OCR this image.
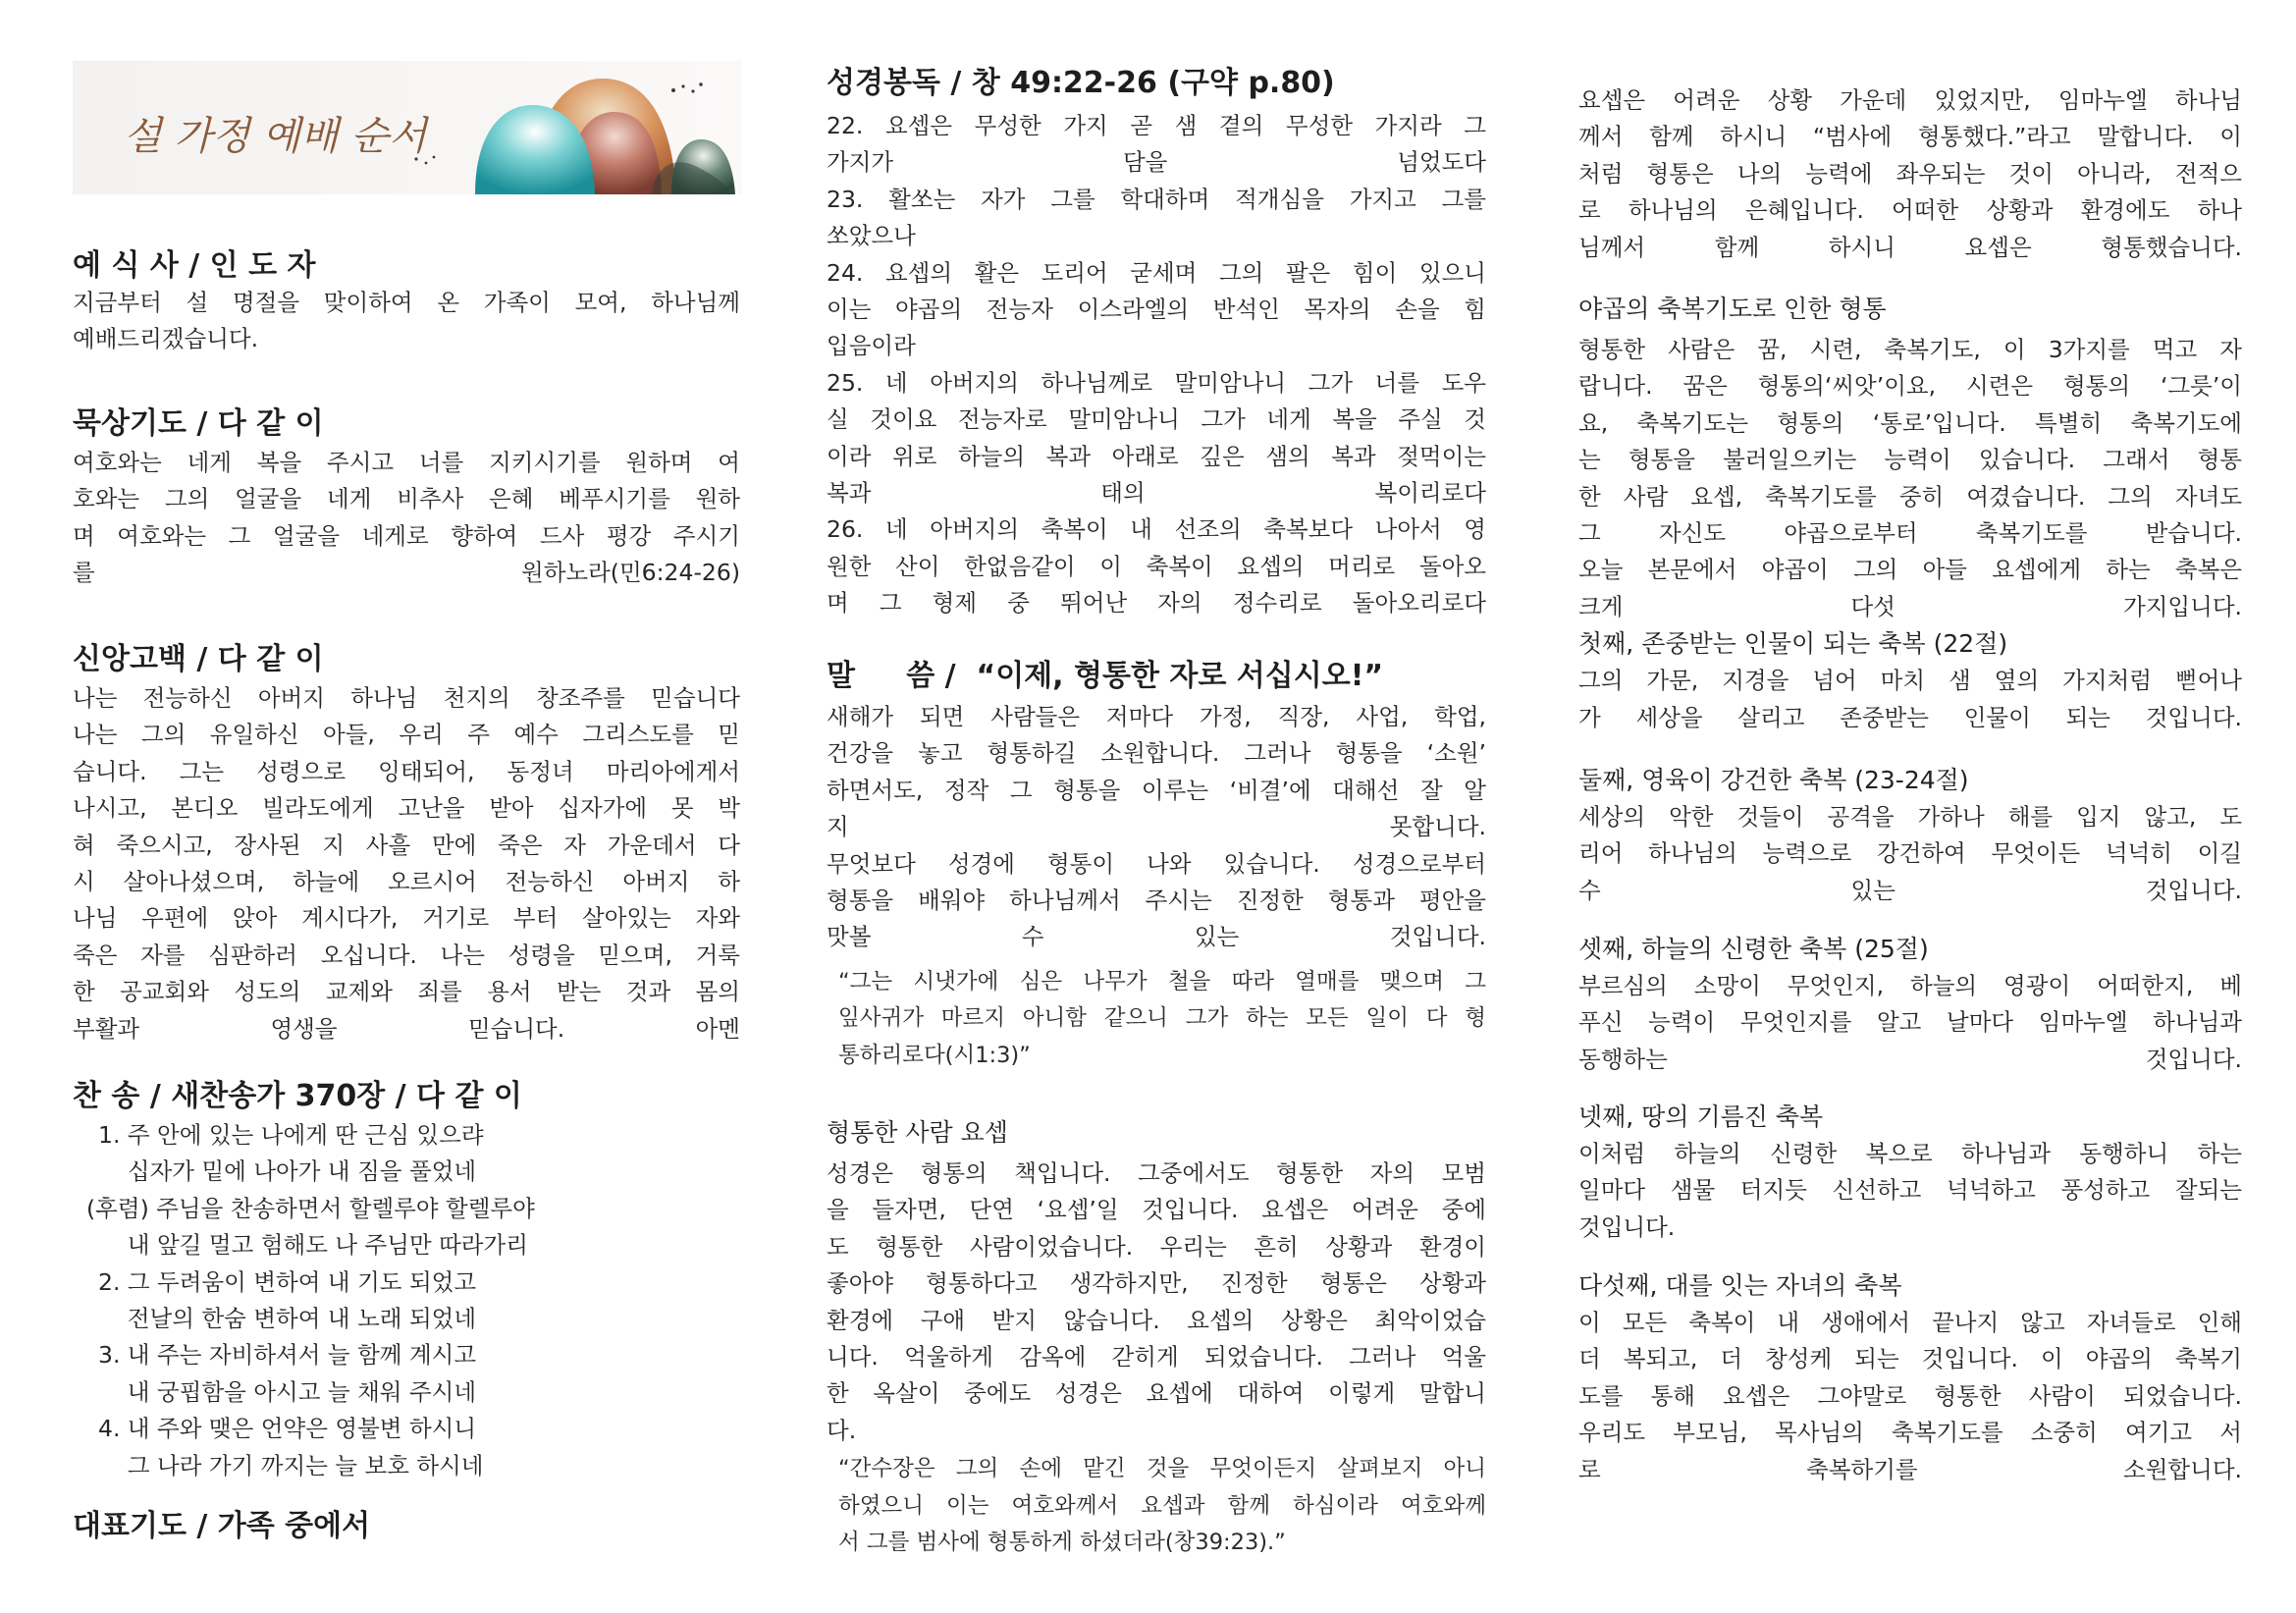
설 가정 예배 순서
예 식 사 / 인 도 자
지금부터 설 명절을 맞이하여 온 가족이 모여, 하나님께
예배드리겠습니다.
묵상기도 / 다 같 이
여호와는 네게 복을 주시고 너를 지키시기를 원하며 여
호와는 그의 얼굴을 네게 비추사 은혜 베푸시기를 원하
며 여호와는 그 얼굴을 네게로 향하여 드사 평강 주시기
를 원하노라(민6:24-26)
신앙고백 / 다 같 이
나는 전능하신 아버지 하나님 천지의 창조주를 믿습니다
나는 그의 유일하신 아들, 우리 주 예수 그리스도를 믿
습니다. 그는 성령으로 잉태되어, 동정녀 마리아에게서
나시고, 본디오 빌라도에게 고난을 받아 십자가에 못 박
혀 죽으시고, 장사된 지 사흘 만에 죽은 자 가운데서 다
시 살아나셨으며, 하늘에 오르시어 전능하신 아버지 하
나님 우편에 앉아 계시다가, 거기로 부터 살아있는 자와
죽은 자를 심판하러 오십니다. 나는 성령을 믿으며, 거룩
한 공교회와 성도의 교제와 죄를 용서 받는 것과 몸의
부활과 영생을 믿습니다. 아멘
찬 송 / 새찬송가 370장 / 다 같 이
1. 주 안에 있는 나에게 딴 근심 있으랴
십자가 밑에 나아가 내 짐을 풀었네
(후렴) 주님을 찬송하면서 할렐루야 할렐루야
내 앞길 멀고 험해도 나 주님만 따라가리
2. 그 두려움이 변하여 내 기도 되었고
전날의 한숨 변하여 내 노래 되었네
3. 내 주는 자비하셔서 늘 함께 계시고
내 궁핍함을 아시고 늘 채워 주시네
4. 내 주와 맺은 언약은 영불변 하시니
그 나라 가기 까지는 늘 보호 하시네
대표기도 / 가족 중에서
성경봉독 / 창 49:22-26 (구약 p.80)
22. 요셉은 무성한 가지 곧 샘 곁의 무성한 가지라 그
가지가 담을 넘었도다
23. 활쏘는 자가 그를 학대하며 적개심을 가지고 그를
쏘았으나
24. 요셉의 활은 도리어 굳세며 그의 팔은 힘이 있으니
이는 야곱의 전능자 이스라엘의 반석인 목자의 손을 힘
입음이라
25. 네 아버지의 하나님께로 말미암나니 그가 너를 도우
실 것이요 전능자로 말미암나니 그가 네게 복을 주실 것
이라 위로 하늘의 복과 아래로 깊은 샘의 복과 젖먹이는
복과 태의 복이리로다
26. 네 아버지의 축복이 내 선조의 축복보다 나아서 영
원한 산이 한없음같이 이 축복이 요셉의 머리로 돌아오
며 그 형제 중 뛰어난 자의 정수리로 돌아오리로다
말     씀 /  “이제, 형통한 자로 서십시오!”
새해가 되면 사람들은 저마다 가정, 직장, 사업, 학업,
건강을 놓고 형통하길 소원합니다. 그러나 형통을 ‘소원’
하면서도, 정작 그 형통을 이루는 ‘비결’에 대해선 잘 알
지 못합니다.
무엇보다 성경에 형통이 나와 있습니다. 성경으로부터
형통을 배워야 하나님께서 주시는 진정한 형통과 평안을
맛볼 수 있는 것입니다.
“그는 시냇가에 심은 나무가 철을 따라 열매를 맺으며 그
잎사귀가 마르지 아니함 같으니 그가 하는 모든 일이 다 형
통하리로다(시1:3)”
형통한 사람 요셉
성경은 형통의 책입니다. 그중에서도 형통한 자의 모범
을 들자면, 단연 ‘요셉’일 것입니다. 요셉은 어려운 중에
도 형통한 사람이었습니다. 우리는 흔히 상황과 환경이
좋아야 형통하다고 생각하지만, 진정한 형통은 상황과
환경에 구애 받지 않습니다. 요셉의 상황은 최악이었습
니다. 억울하게 감옥에 갇히게 되었습니다. 그러나 억울
한 옥살이 중에도 성경은 요셉에 대하여 이렇게 말합니
다.
“간수장은 그의 손에 맡긴 것을 무엇이든지 살펴보지 아니
하였으니 이는 여호와께서 요셉과 함께 하심이라 여호와께
서 그를 범사에 형통하게 하셨더라(창39:23).”
요셉은 어려운 상황 가운데 있었지만, 임마누엘 하나님
께서 함께 하시니 “범사에 형통했다.”라고 말합니다. 이
처럼 형통은 나의 능력에 좌우되는 것이 아니라, 전적으
로 하나님의 은혜입니다. 어떠한 상황과 환경에도 하나
님께서 함께 하시니 요셉은 형통했습니다.
야곱의 축복기도로 인한 형통
형통한 사람은 꿈, 시련, 축복기도, 이 3가지를 먹고 자
랍니다. 꿈은 형통의‘씨앗’이요, 시련은 형통의 ‘그릇’이
요, 축복기도는 형통의 ‘통로’입니다. 특별히 축복기도에
는 형통을 불러일으키는 능력이 있습니다. 그래서 형통
한 사람 요셉, 축복기도를 중히 여겼습니다. 그의 자녀도
그 자신도 야곱으로부터 축복기도를 받습니다.
오늘 본문에서 야곱이 그의 아들 요셉에게 하는 축복은
크게 다섯 가지입니다.
첫째, 존중받는 인물이 되는 축복 (22절)
그의 가문, 지경을 넘어 마치 샘 옆의 가지처럼 뻗어나
가 세상을 살리고 존중받는 인물이 되는 것입니다.
둘째, 영육이 강건한 축복 (23-24절)
세상의 악한 것들이 공격을 가하나 해를 입지 않고, 도
리어 하나님의 능력으로 강건하여 무엇이든 넉넉히 이길
수 있는 것입니다.
셋째, 하늘의 신령한 축복 (25절)
부르심의 소망이 무엇인지, 하늘의 영광이 어떠한지, 베
푸신 능력이 무엇인지를 알고 날마다 임마누엘 하나님과
동행하는 것입니다.
넷째, 땅의 기름진 축복
이처럼 하늘의 신령한 복으로 하나님과 동행하니 하는
일마다 샘물 터지듯 신선하고 넉넉하고 풍성하고 잘되는
것입니다.
다섯째, 대를 잇는 자녀의 축복
이 모든 축복이 내 생애에서 끝나지 않고 자녀들로 인해
더 복되고, 더 창성케 되는 것입니다. 이 야곱의 축복기
도를 통해 요셉은 그야말로 형통한 사람이 되었습니다.
우리도 부모님, 목사님의 축복기도를 소중히 여기고 서
로 축복하기를 소원합니다.
